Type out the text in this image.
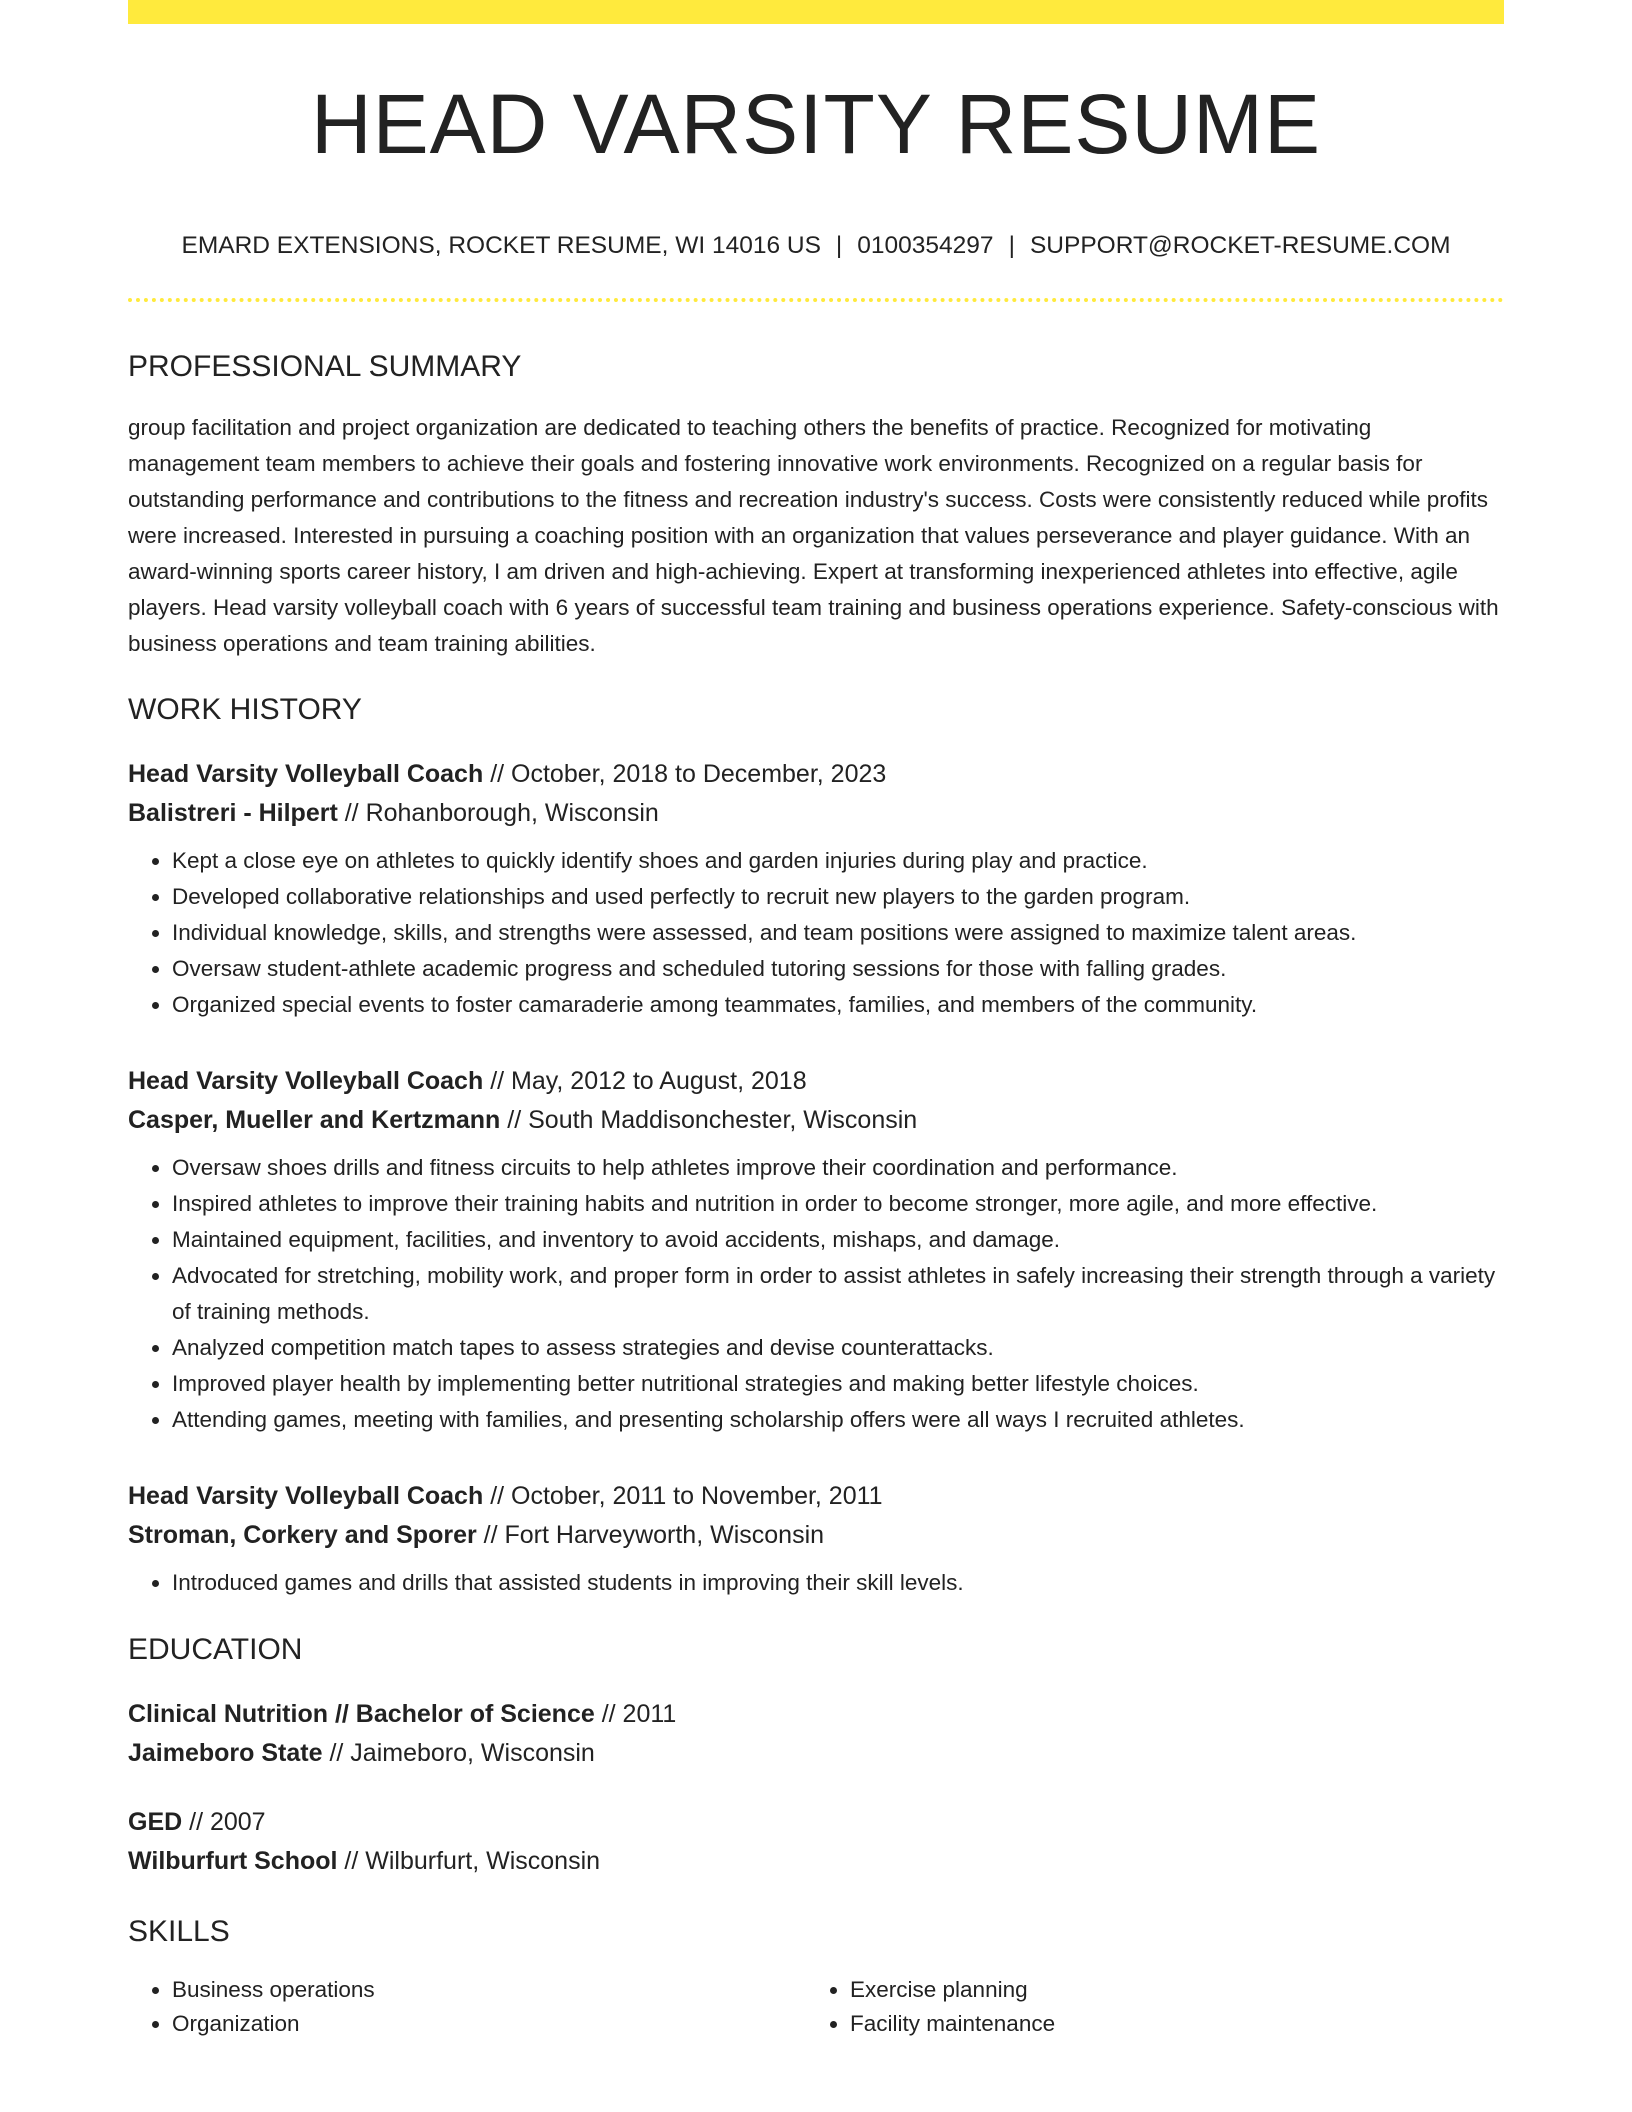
HEAD VARSITY RESUME
EMARD EXTENSIONS, ROCKET RESUME, WI 14016 US | 0100354297 | SUPPORT@ROCKET-RESUME.COM
PROFESSIONAL SUMMARY
group facilitation and project organization are dedicated to teaching others the benefits of practice. Recognized for motivating management team members to achieve their goals and fostering innovative work environments. Recognized on a regular basis for outstanding performance and contributions to the fitness and recreation industry's success. Costs were consistently reduced while profits were increased. Interested in pursuing a coaching position with an organization that values perseverance and player guidance. With an award-winning sports career history, I am driven and high-achieving. Expert at transforming inexperienced athletes into effective, agile players. Head varsity volleyball coach with 6 years of successful team training and business operations experience. Safety-conscious with business operations and team training abilities.
WORK HISTORY
Head Varsity Volleyball Coach // October, 2018 to December, 2023
Balistreri - Hilpert // Rohanborough, Wisconsin
• Kept a close eye on athletes to quickly identify shoes and garden injuries during play and practice.
• Developed collaborative relationships and used perfectly to recruit new players to the garden program.
• Individual knowledge, skills, and strengths were assessed, and team positions were assigned to maximize talent areas.
• Oversaw student-athlete academic progress and scheduled tutoring sessions for those with falling grades.
• Organized special events to foster camaraderie among teammates, families, and members of the community.
Head Varsity Volleyball Coach // May, 2012 to August, 2018
Casper, Mueller and Kertzmann // South Maddisonchester, Wisconsin
• Oversaw shoes drills and fitness circuits to help athletes improve their coordination and performance.
• Inspired athletes to improve their training habits and nutrition in order to become stronger, more agile, and more effective.
• Maintained equipment, facilities, and inventory to avoid accidents, mishaps, and damage.
• Advocated for stretching, mobility work, and proper form in order to assist athletes in safely increasing their strength through a variety of training methods.
• Analyzed competition match tapes to assess strategies and devise counterattacks.
• Improved player health by implementing better nutritional strategies and making better lifestyle choices.
• Attending games, meeting with families, and presenting scholarship offers were all ways I recruited athletes.
Head Varsity Volleyball Coach // October, 2011 to November, 2011
Stroman, Corkery and Sporer // Fort Harveyworth, Wisconsin
• Introduced games and drills that assisted students in improving their skill levels.
EDUCATION
Clinical Nutrition // Bachelor of Science // 2011
Jaimeboro State // Jaimeboro, Wisconsin
GED // 2007
Wilburfurt School // Wilburfurt, Wisconsin
SKILLS
• Business operations
• Organization
• Exercise planning
• Facility maintenance
